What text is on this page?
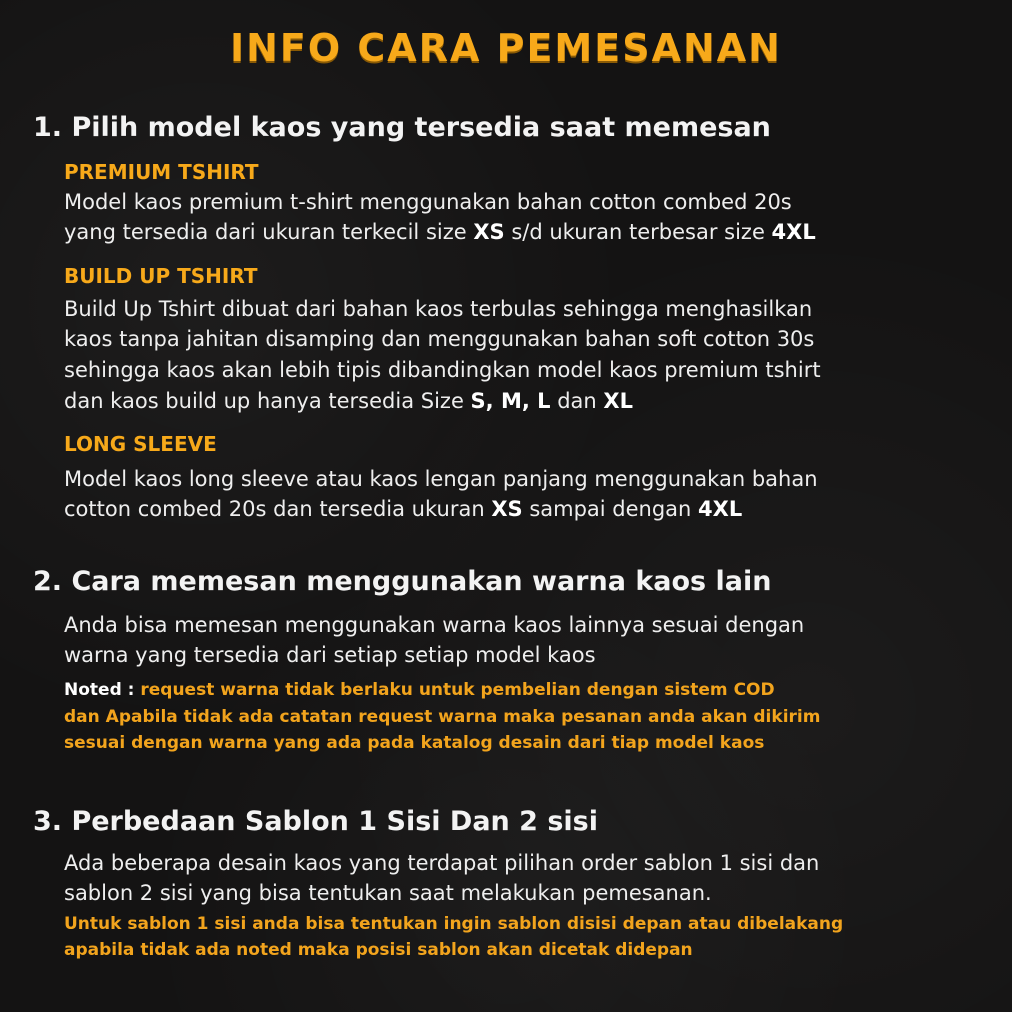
INFO CARA PEMESANAN
1. Pilih model kaos yang tersedia saat memesan
PREMIUM TSHIRT
Model kaos premium t-shirt menggunakan bahan cotton combed 20s
yang tersedia dari ukuran terkecil size XS s/d ukuran terbesar size 4XL
BUILD UP TSHIRT
Build Up Tshirt dibuat dari bahan kaos terbulas sehingga menghasilkan
kaos tanpa jahitan disamping dan menggunakan bahan soft cotton 30s
sehingga kaos akan lebih tipis dibandingkan model kaos premium tshirt
dan kaos build up hanya tersedia Size S, M, L dan XL
LONG SLEEVE
Model kaos long sleeve atau kaos lengan panjang menggunakan bahan
cotton combed 20s dan tersedia ukuran XS sampai dengan 4XL
2. Cara memesan menggunakan warna kaos lain
Anda bisa memesan menggunakan warna kaos lainnya sesuai dengan
warna yang tersedia dari setiap setiap model kaos
Noted : request warna tidak berlaku untuk pembelian dengan sistem COD
dan Apabila tidak ada catatan request warna maka pesanan anda akan dikirim
sesuai dengan warna yang ada pada katalog desain dari tiap model kaos
3. Perbedaan Sablon 1 Sisi Dan 2 sisi
Ada beberapa desain kaos yang terdapat pilihan order sablon 1 sisi dan
sablon 2 sisi yang bisa tentukan saat melakukan pemesanan.
Untuk sablon 1 sisi anda bisa tentukan ingin sablon disisi depan atau dibelakang
apabila tidak ada noted maka posisi sablon akan dicetak didepan
